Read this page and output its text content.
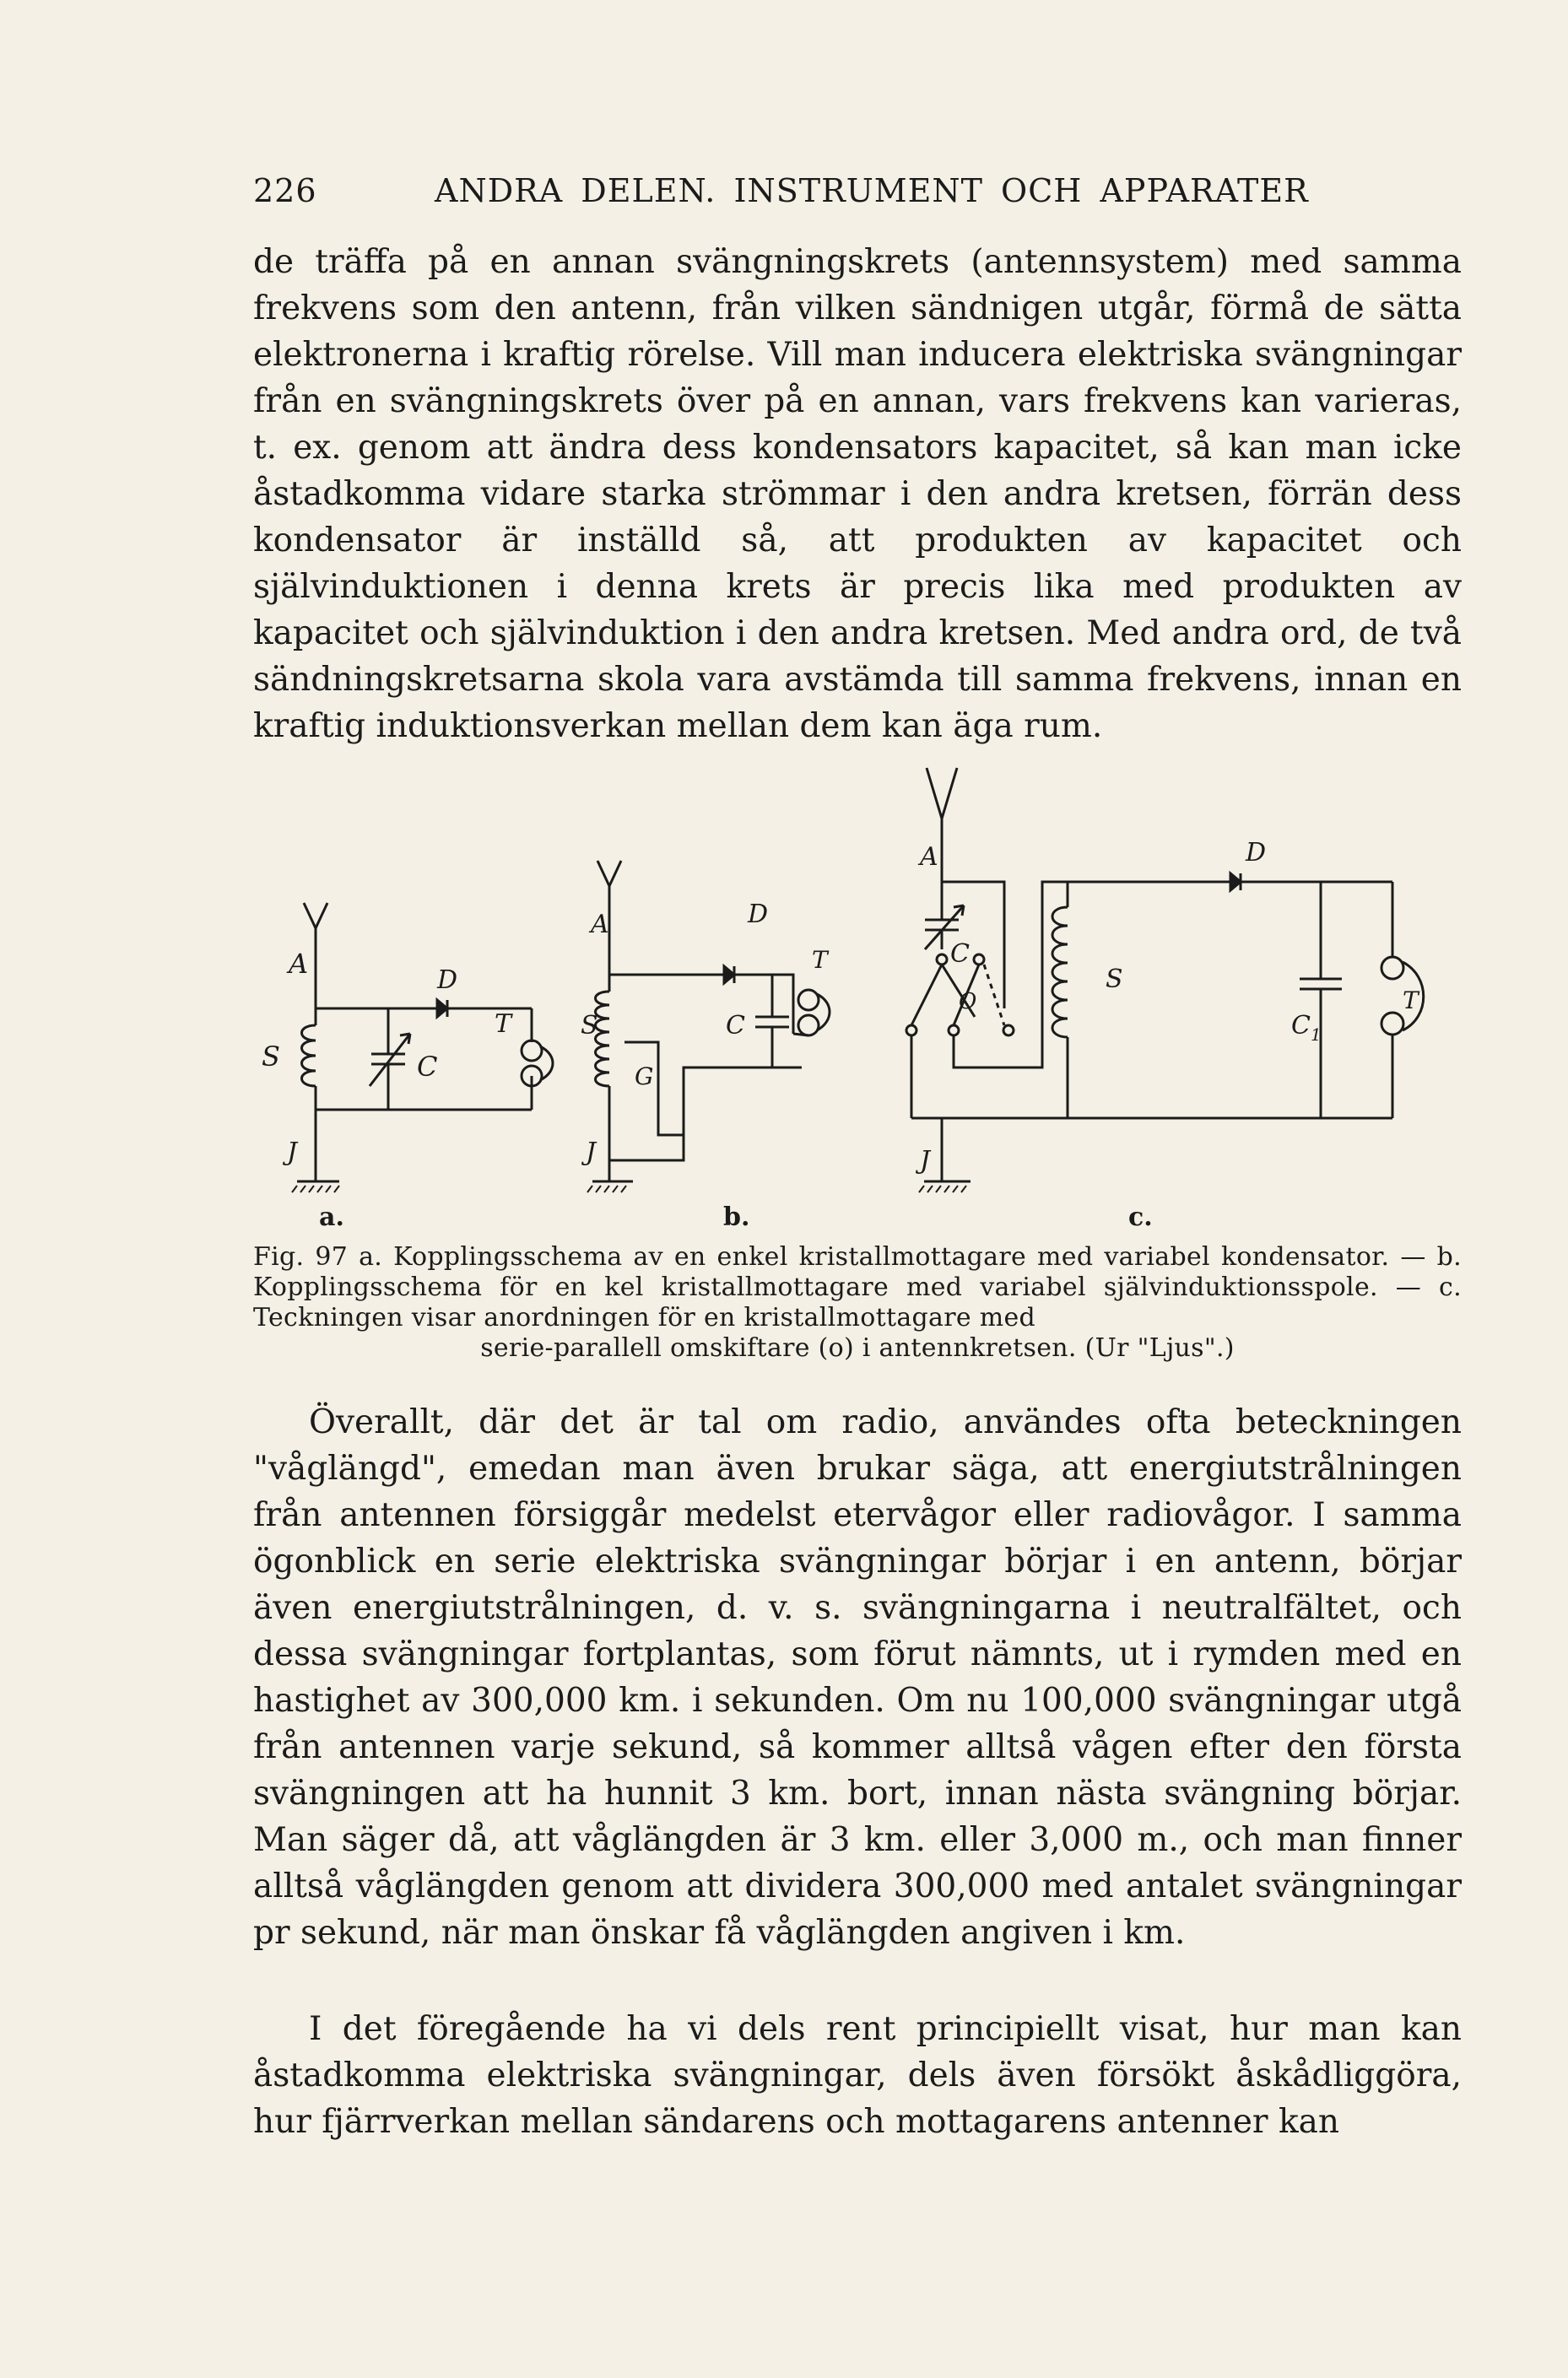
226	ANDRA DELEN. INSTRUMENT OCH APPARATER
de träffa på en annan svängningskrets (antennsystem) med samma frekvens som den antenn, från vilken sändnigen utgår, förmå de sätta elektronerna i kraftig rörelse. Vill man inducera elektriska svängningar från en svängningskrets över på en annan, vars frekvens kan varieras, t. ex. genom att ändra dess kondensators kapacitet, så kan man icke åstadkomma vidare starka strömmar i den andra kretsen, förrän dess kondensator är inställd så, att produkten av kapacitet och självinduktionen i denna krets är precis lika med produkten av kapacitet och självinduktion i den andra kretsen. Med andra ord, de två sändningskretsarna skola vara avstämda till samma frekvens, innan en kraftig induktionsverkan mellan dem kan äga rum.
A
S	C
D
T
J
A
S
G
J
D
C
T
A
C
O
S
D
$C_1$
T
J
a.	b.	c.
Fig. 97 a. Kopplingsschema av en enkel kristallmottagare med variabel kondensator. — b. Kopplingsschema för en kel kristallmottagare med variabel självinduktionsspole. — c. Teckningen visar anordningen för en kristallmottagare med
serie-parallell omskiftare (o) i antennkretsen. (Ur "Ljus".)
Överallt, där det är tal om radio, användes ofta beteckningen "våglängd", emedan man även brukar säga, att energiutstrålningen från antennen försiggår medelst etervågor eller radiovågor. I samma ögonblick en serie elektriska svängningar börjar i en antenn, börjar även energiutstrålningen, d. v. s. svängningarna i neutralfältet, och dessa svängningar fortplantas, som förut nämnts, ut i rymden med en hastighet av 300,000 km. i sekunden. Om nu 100,000 svängningar utgå från antennen varje sekund, så kommer alltså vågen efter den första svängningen att ha hunnit 3 km. bort, innan nästa svängning börjar. Man säger då, att våglängden är 3 km. eller 3,000 m., och man finner alltså våglängden genom att dividera 300,000 med antalet svängningar pr sekund, när man önskar få våglängden angiven i km.
I det föregående ha vi dels rent principiellt visat, hur man kan åstadkomma elektriska svängningar, dels även försökt åskådliggöra, hur fjärrverkan mellan sändarens och mottagarens antenner kan
